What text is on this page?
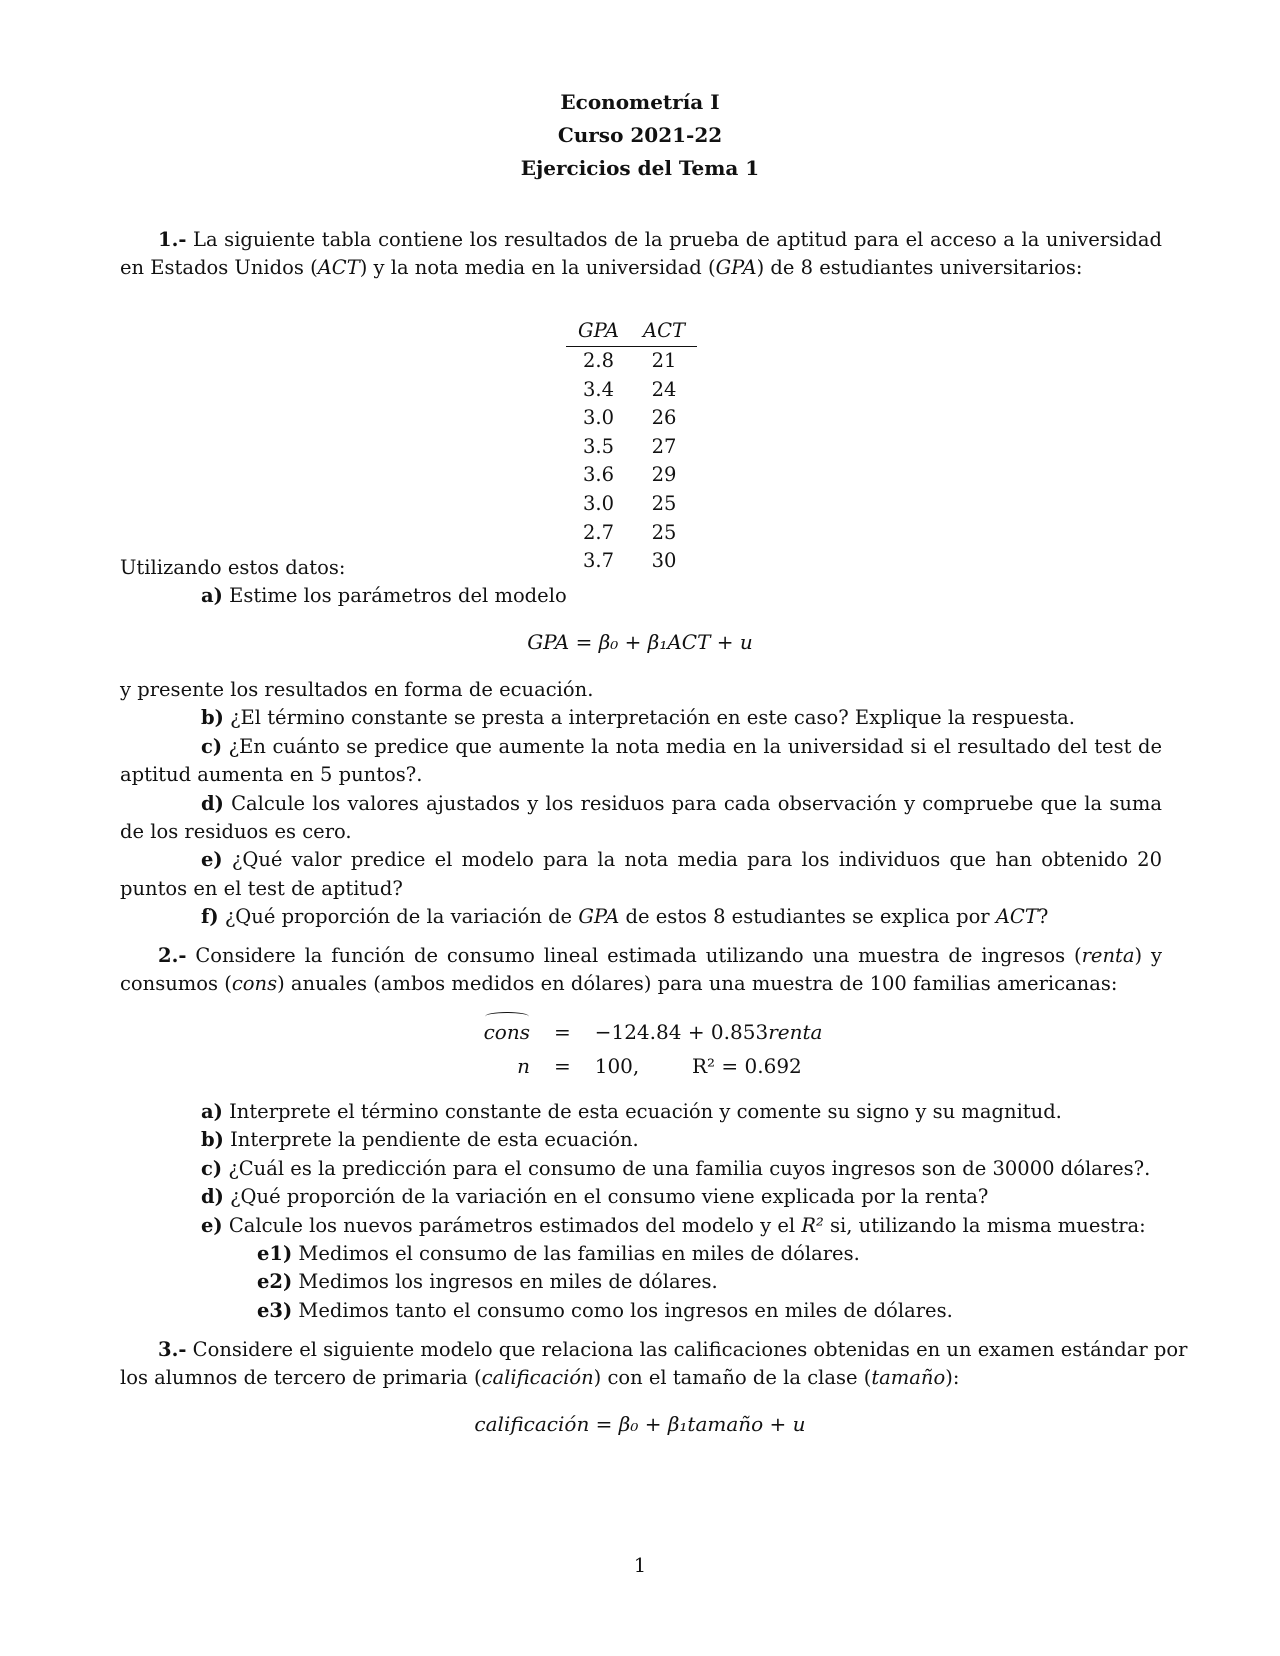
Econometría I
Curso 2021-22
Ejercicios del Tema 1
1.- La siguiente tabla contiene los resultados de la prueba de aptitud para el acceso a la universidad
en Estados Unidos (ACT) y la nota media en la universidad (GPA) de 8 estudiantes universitarios:
GPA	ACT
2.8	21
3.4	24
3.0	26
3.5	27
3.6	29
3.0	25
2.7	25
3.7	30
Utilizando estos datos:
a) Estime los parámetros del modelo
GPA = β₀ + β₁ACT + u
y presente los resultados en forma de ecuación.
b) ¿El término constante se presta a interpretación en este caso? Explique la respuesta.
c) ¿En cuánto se predice que aumente la nota media en la universidad si el resultado del test de
aptitud aumenta en 5 puntos?.
d) Calcule los valores ajustados y los residuos para cada observación y compruebe que la suma
de los residuos es cero.
e) ¿Qué valor predice el modelo para la nota media para los individuos que han obtenido 20
puntos en el test de aptitud?
f) ¿Qué proporción de la variación de GPA de estos 8 estudiantes se explica por ACT?
2.- Considere la función de consumo lineal estimada utilizando una muestra de ingresos (renta) y
consumos (cons) anuales (ambos medidos en dólares) para una muestra de 100 familias americanas:
cons = −124.84 + 0.853renta
n = 100,	R² = 0.692
a) Interprete el término constante de esta ecuación y comente su signo y su magnitud.
b) Interprete la pendiente de esta ecuación.
c) ¿Cuál es la predicción para el consumo de una familia cuyos ingresos son de 30000 dólares?.
d) ¿Qué proporción de la variación en el consumo viene explicada por la renta?
e) Calcule los nuevos parámetros estimados del modelo y el R² si, utilizando la misma muestra:
e1) Medimos el consumo de las familias en miles de dólares.
e2) Medimos los ingresos en miles de dólares.
e3) Medimos tanto el consumo como los ingresos en miles de dólares.
3.- Considere el siguiente modelo que relaciona las calificaciones obtenidas en un examen estándar por
los alumnos de tercero de primaria (calificación) con el tamaño de la clase (tamaño):
calificación = β₀ + β₁tamaño + u
1
